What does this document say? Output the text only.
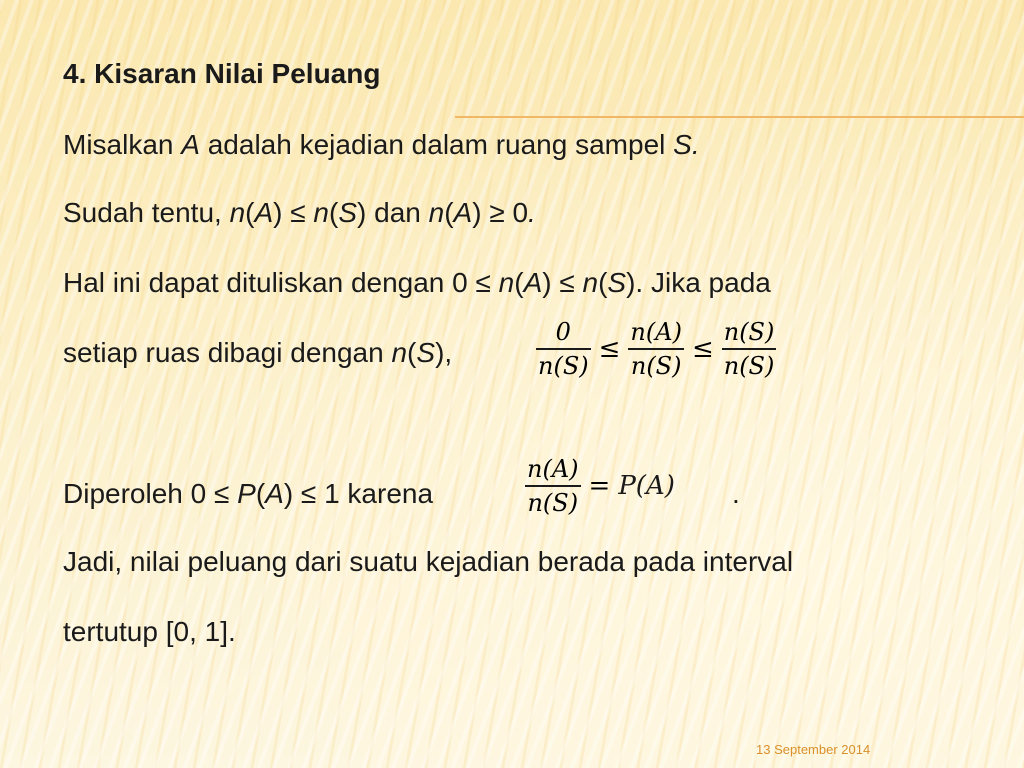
4. Kisaran Nilai Peluang
Misalkan A adalah kejadian dalam ruang sampel S.
Sudah tentu, n(A) ≤ n(S) dan n(A) ≥ 0.
Hal ini dapat dituliskan dengan 0 ≤ n(A) ≤ n(S). Jika pada
setiap ruas dibagi dengan n(S),	$\frac{0}{n(S)} \le \frac{n(A)}{n(S)} \le \frac{n(S)}{n(S)}$
Diperoleh 0 ≤ P(A) ≤ 1 karena	$\frac{n(A)}{n(S)} = P(A)$ .
Jadi, nilai peluang dari suatu kejadian berada pada interval
tertutup [0, 1].
13 September 2014
